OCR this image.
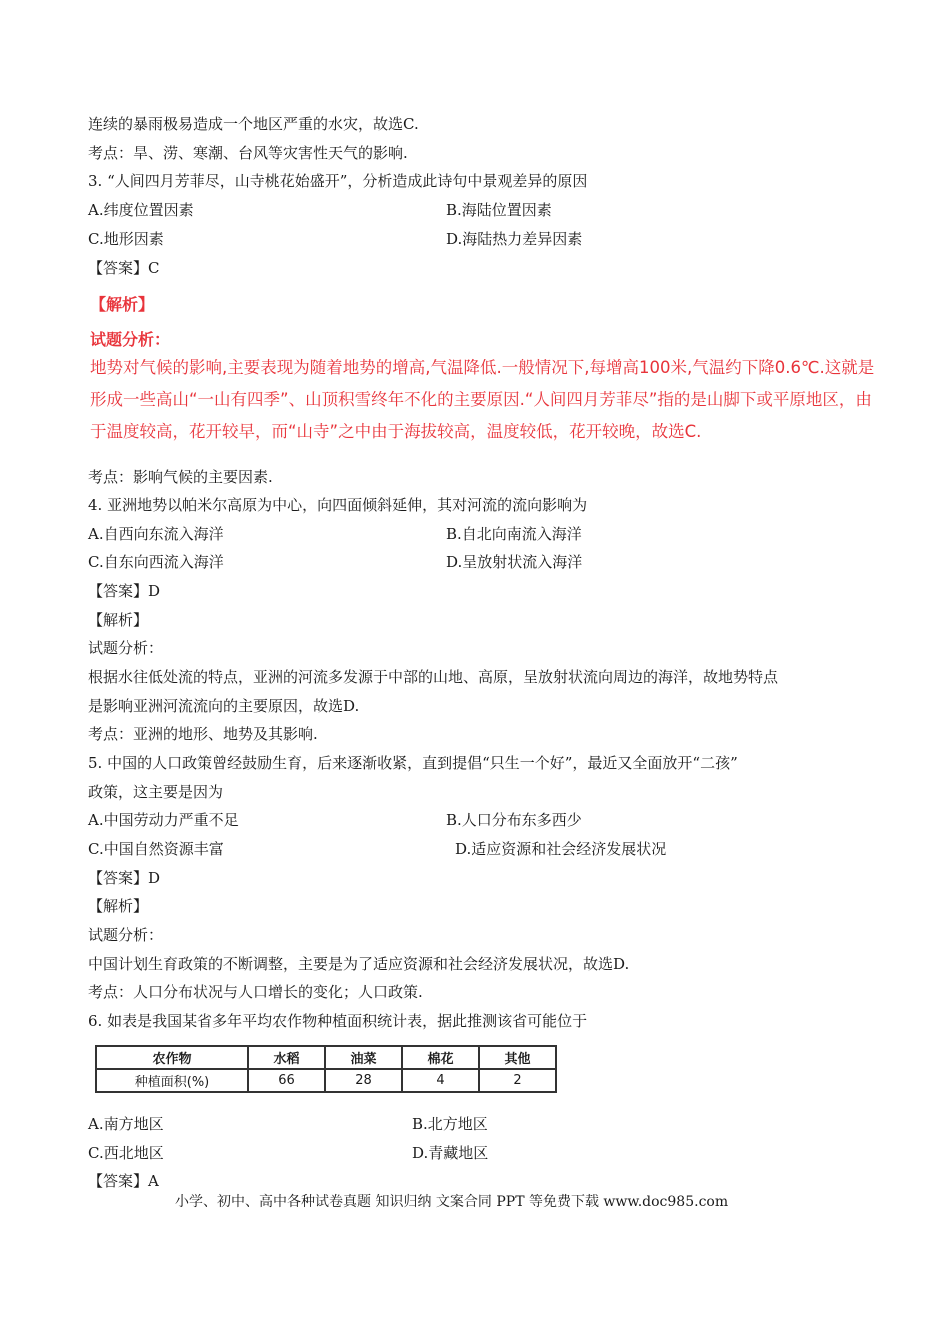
连续的暴雨极易造成一个地区严重的水灾，故选C.
考点：旱、涝、寒潮、台风等灾害性天气的影响.
3. “人间四月芳菲尽，山寺桃花始盛开”，分析造成此诗句中景观差异的原因
A.纬度位置因素	B.海陆位置因素
C.地形因素	D.海陆热力差异因素
【答案】C
【解析】
试题分析：
地势对气候的影响,主要表现为随着地势的增高,气温降低.一般情况下,每增高100米,气温约下降0.6℃.这就是形成一些高山“一山有四季”、山顶积雪终年不化的主要原因.“人间四月芳菲尽”指的是山脚下或平原地区，由于温度较高，花开较早，而“山寺”之中由于海拔较高，温度较低，花开较晚，故选C.
考点：影响气候的主要因素.
4. 亚洲地势以帕米尔高原为中心，向四面倾斜延伸，其对河流的流向影响为
A.自西向东流入海洋	B.自北向南流入海洋
C.自东向西流入海洋	D.呈放射状流入海洋
【答案】D
【解析】
试题分析：
根据水往低处流的特点，亚洲的河流多发源于中部的山地、高原，呈放射状流向周边的海洋，故地势特点
是影响亚洲河流流向的主要原因，故选D.
考点：亚洲的地形、地势及其影响.
5. 中国的人口政策曾经鼓励生育，后来逐渐收紧，直到提倡“只生一个好”，最近又全面放开“二孩”
政策，这主要是因为
A.中国劳动力严重不足	B.人口分布东多西少
C.中国自然资源丰富	D.适应资源和社会经济发展状况
【答案】D
【解析】
试题分析：
中国计划生育政策的不断调整，主要是为了适应资源和社会经济发展状况，故选D.
考点：人口分布状况与人口增长的变化；人口政策.
6. 如表是我国某省多年平均农作物种植面积统计表，据此推测该省可能位于
农作物	水稻	油菜	棉花	其他
种植面积(%)	66	28	4	2
A.南方地区	B.北方地区
C.西北地区	D.青藏地区
【答案】A
小学、初中、高中各种试卷真题 知识归纳 文案合同 PPT 等免费下载 www.doc985.com
